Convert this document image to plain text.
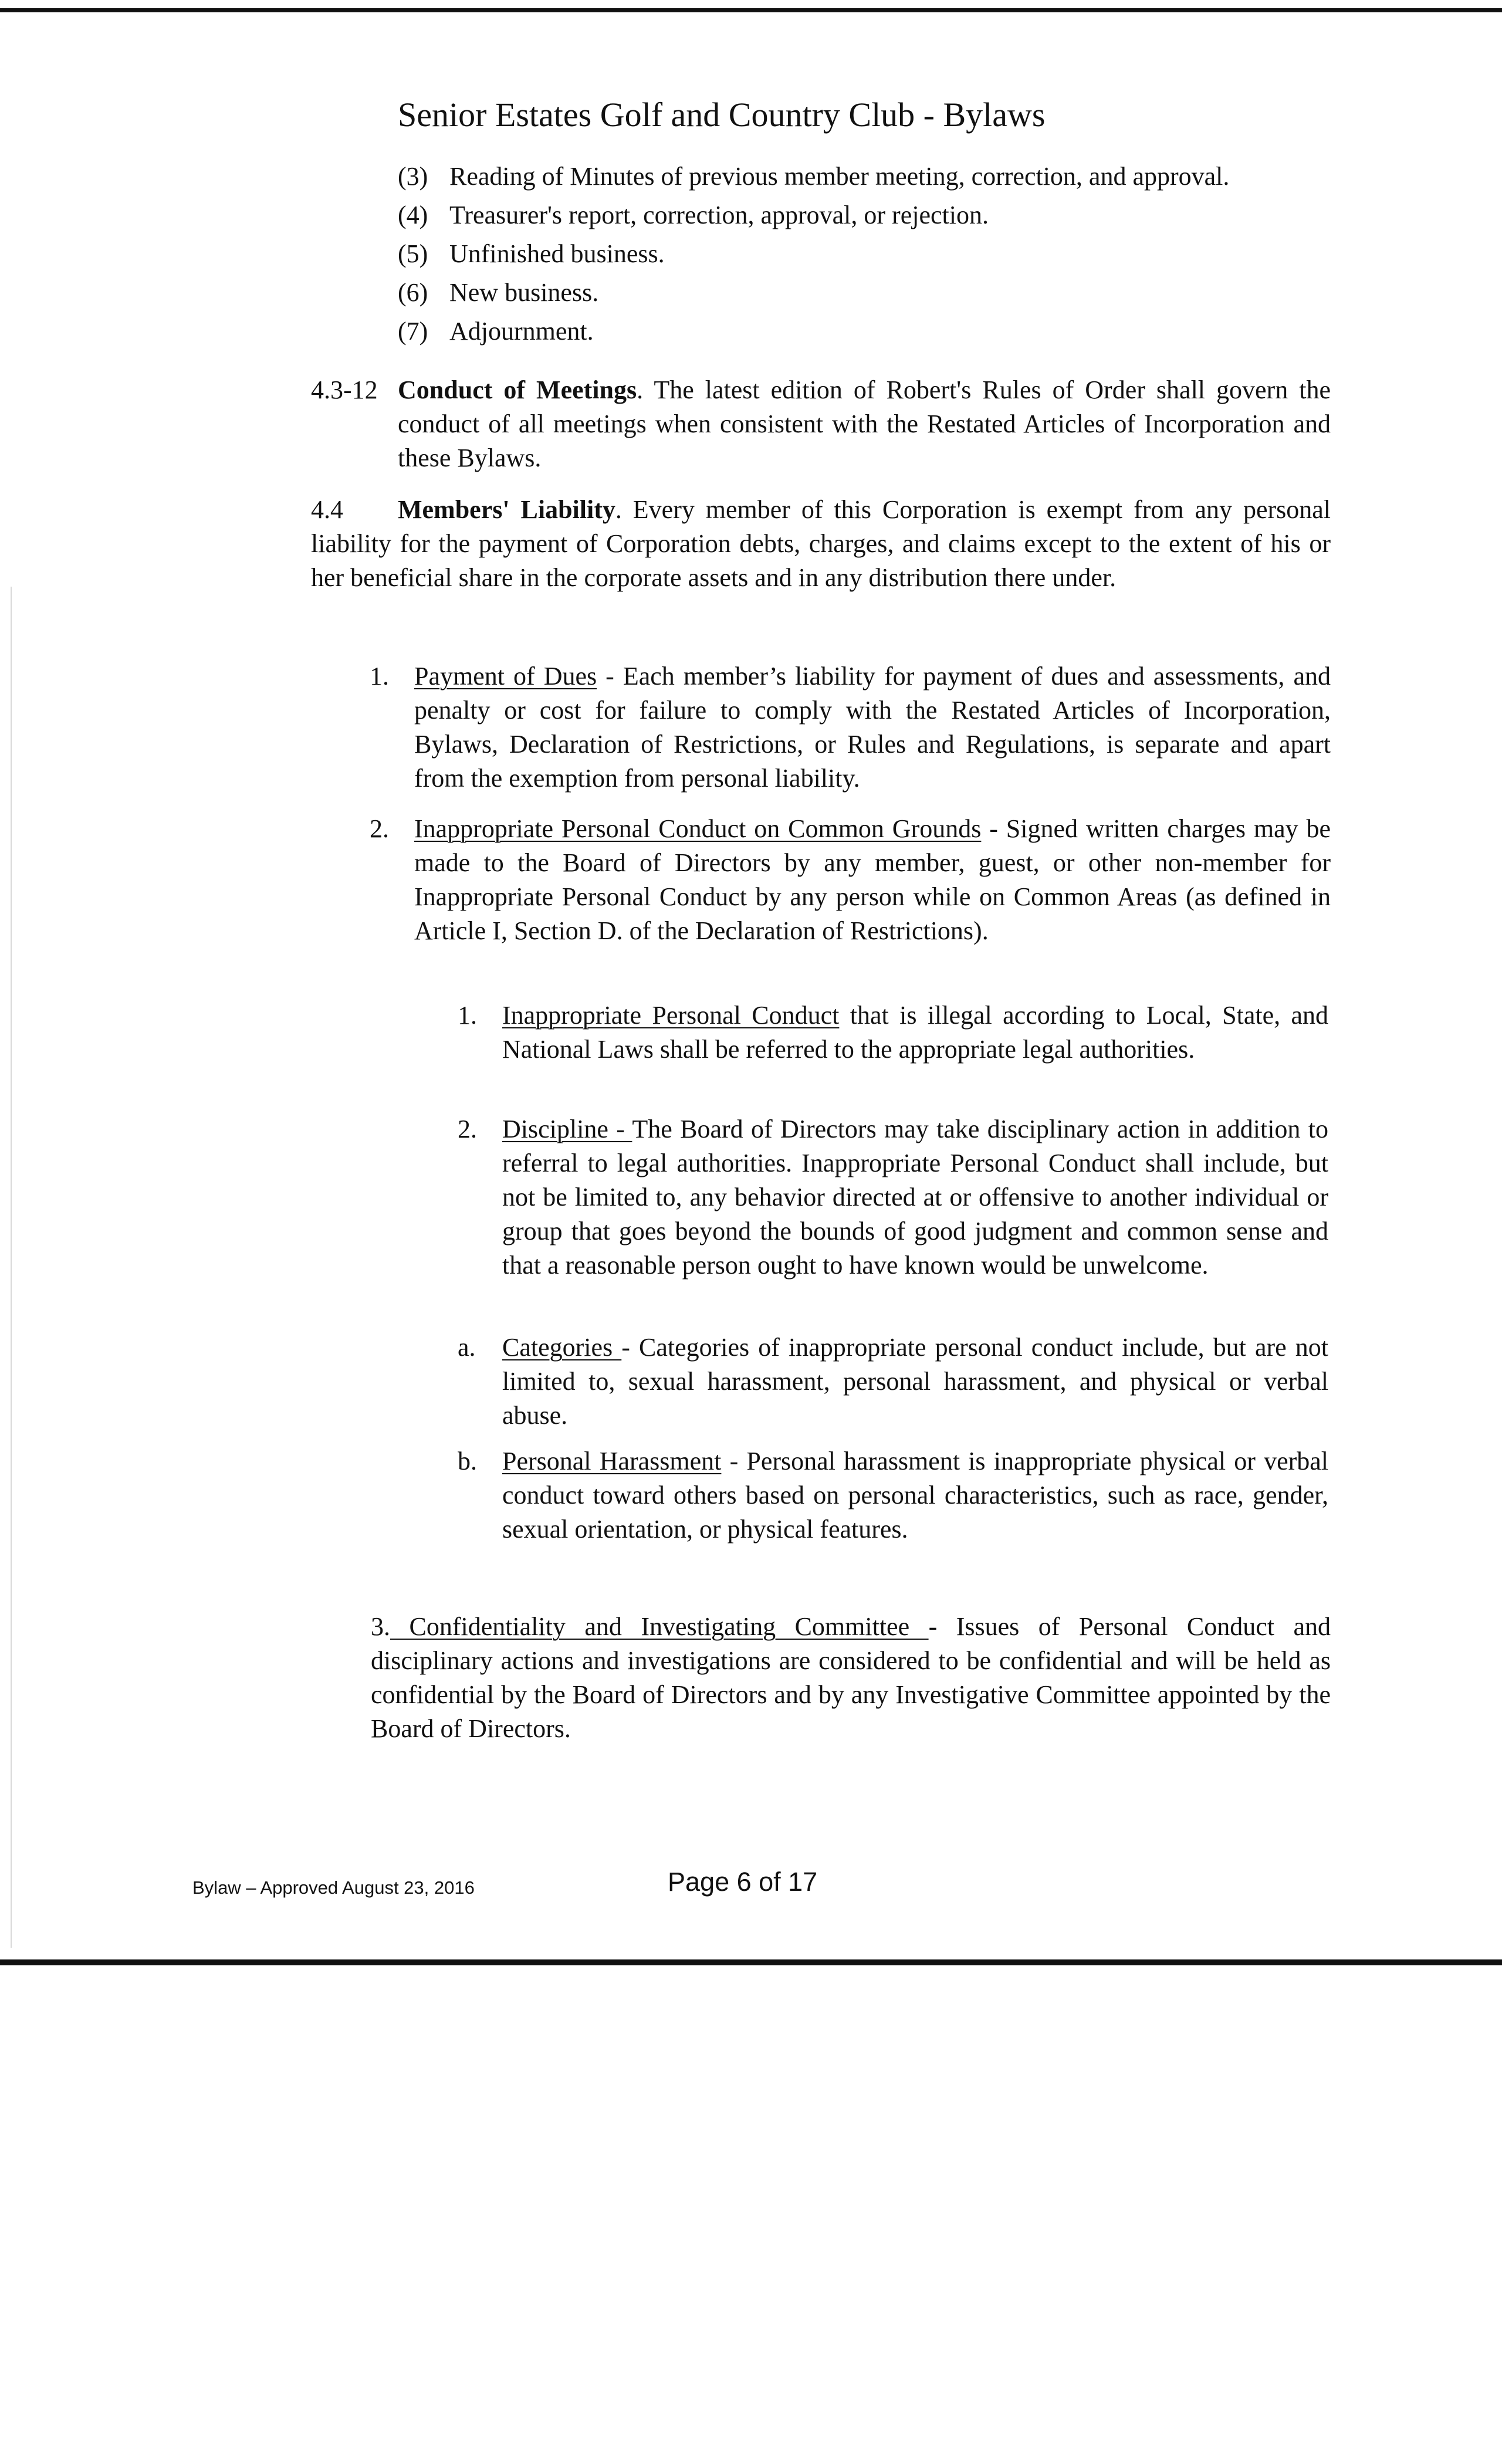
Senior Estates Golf and Country Club - Bylaws
(3) Reading of Minutes of previous member meeting, correction, and approval.
(4) Treasurer's report, correction, approval, or rejection.
(5) Unfinished business.
(6) New business.
(7) Adjournment.
4.3-12 Conduct of Meetings. The latest edition of Robert's Rules of Order shall govern the conduct of all meetings when consistent with the Restated Articles of Incorporation and these Bylaws.
4.4 Members' Liability. Every member of this Corporation is exempt from any personal liability for the payment of Corporation debts, charges, and claims except to the extent of his or her beneficial share in the corporate assets and in any distribution there under.
1. Payment of Dues - Each member’s liability for payment of dues and assessments, and penalty or cost for failure to comply with the Restated Articles of Incorporation, Bylaws, Declaration of Restrictions, or Rules and Regulations, is separate and apart from the exemption from personal liability.
2. Inappropriate Personal Conduct on Common Grounds - Signed written charges may be made to the Board of Directors by any member, guest, or other non-member for Inappropriate Personal Conduct by any person while on Common Areas (as defined in Article I, Section D. of the Declaration of Restrictions).
1. Inappropriate Personal Conduct that is illegal according to Local, State, and National Laws shall be referred to the appropriate legal authorities.
2. Discipline - The Board of Directors may take disciplinary action in addition to referral to legal authorities. Inappropriate Personal Conduct shall include, but not be limited to, any behavior directed at or offensive to another individual or group that goes beyond the bounds of good judgment and common sense and that a reasonable person ought to have known would be unwelcome.
a.	Categories - Categories of inappropriate personal conduct include, but are not limited to, sexual harassment, personal harassment, and physical or verbal abuse.
b. Personal Harassment - Personal harassment is inappropriate physical or verbal conduct toward others based on personal characteristics, such as race, gender, sexual orientation, or physical features.
3. Confidentiality and Investigating Committee - Issues of Personal Conduct and disciplinary actions and investigations are considered to be confidential and will be held as confidential by the Board of Directors and by any Investigative Committee appointed by the Board of Directors.
Bylaw – Approved August 23, 2016	Page 6 of 17
